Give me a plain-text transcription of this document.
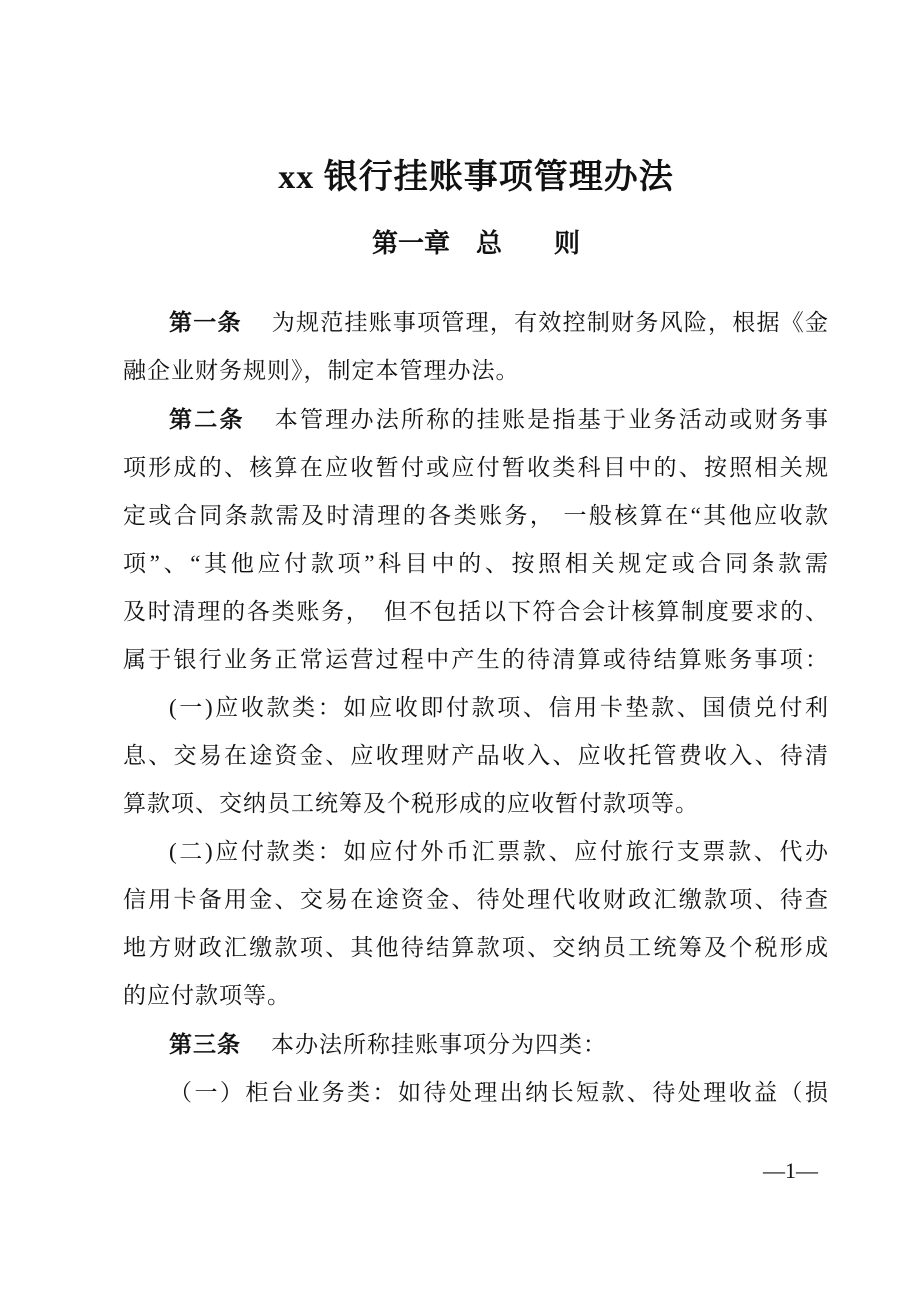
xx 银行挂账事项管理办法
第一章　总　　则

第一条 为规范挂账事项管理，有效控制财务风险，根据《金
融企业财务规则》，制定本管理办法。

第二条 本管理办法所称的挂账是指基于业务活动或财务事
项形成的、核算在应收暂付或应付暂收类科目中的、按照相关规
定或合同条款需及时清理的各类账务， 一般核算在“其他应收款
项”、“其他应付款项”科目中的、按照相关规定或合同条款需
及时清理的各类账务，　但不包括以下符合会计核算制度要求的、
属于银行业务正常运营过程中产生的待清算或待结算账务事项：

(一)应收款类：如应收即付款项、信用卡垫款、国债兑付利
息、交易在途资金、应收理财产品收入、应收托管费收入、待清
算款项、交纳员工统筹及个税形成的应收暂付款项等。

(二)应付款类：如应付外币汇票款、应付旅行支票款、代办
信用卡备用金、交易在途资金、待处理代收财政汇缴款项、待查
地方财政汇缴款项、其他待结算款项、交纳员工统筹及个税形成
的应付款项等。

第三条 本办法所称挂账事项分为四类：

（一）柜台业务类：如待处理出纳长短款、待处理收益（损

—1—
